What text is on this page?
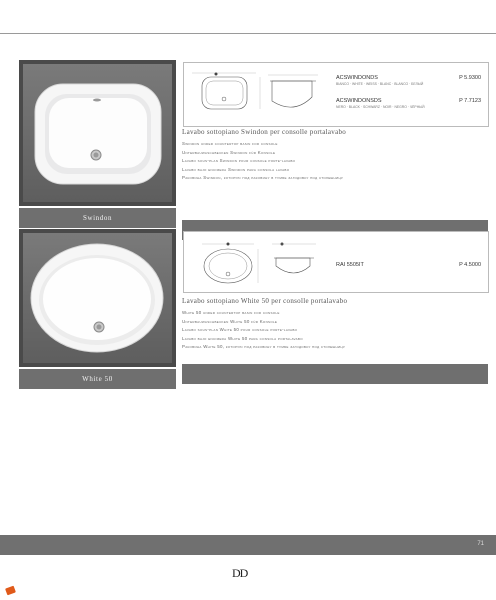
Swindon
ACSWINDONDS	P 5.9300
BIANCO · WHITE · WEISS · BLANC · BLANCO · БЕЛЫЙ
ACSWINDONSDS	P 7.7123
NERO · BLACK · SCHWARZ · NOIR · NEGRO · ЧЁРНЫЙ
Lavabo sottopiano Swindon per consolle portalavabo
Swindon under countertop basin for console
Unterbauwaschbecken Swindon für Konsole
Lavabo sous-plan Swindon pour console porte-lavabo
Lavabo bajo encimera Swindon para consola lavabo
Раковина Swindon, которую под раковину в тумбе загодовку под столешницу
White 50
RAI 5505IT	P 4.5000
Lavabo sottopiano White 50 per consolle portalavabo
White 50 under countertop basin for console
Unterbauwaschbecken White 50 für Konsole
Lavabo sous-plan White 50 pour console porte-lavabo
Lavabo bajo encimera White 50 para consola portalavabo
Раковина White 50, которую под раковину в тумбе загодовку под столешницу
71
DD
